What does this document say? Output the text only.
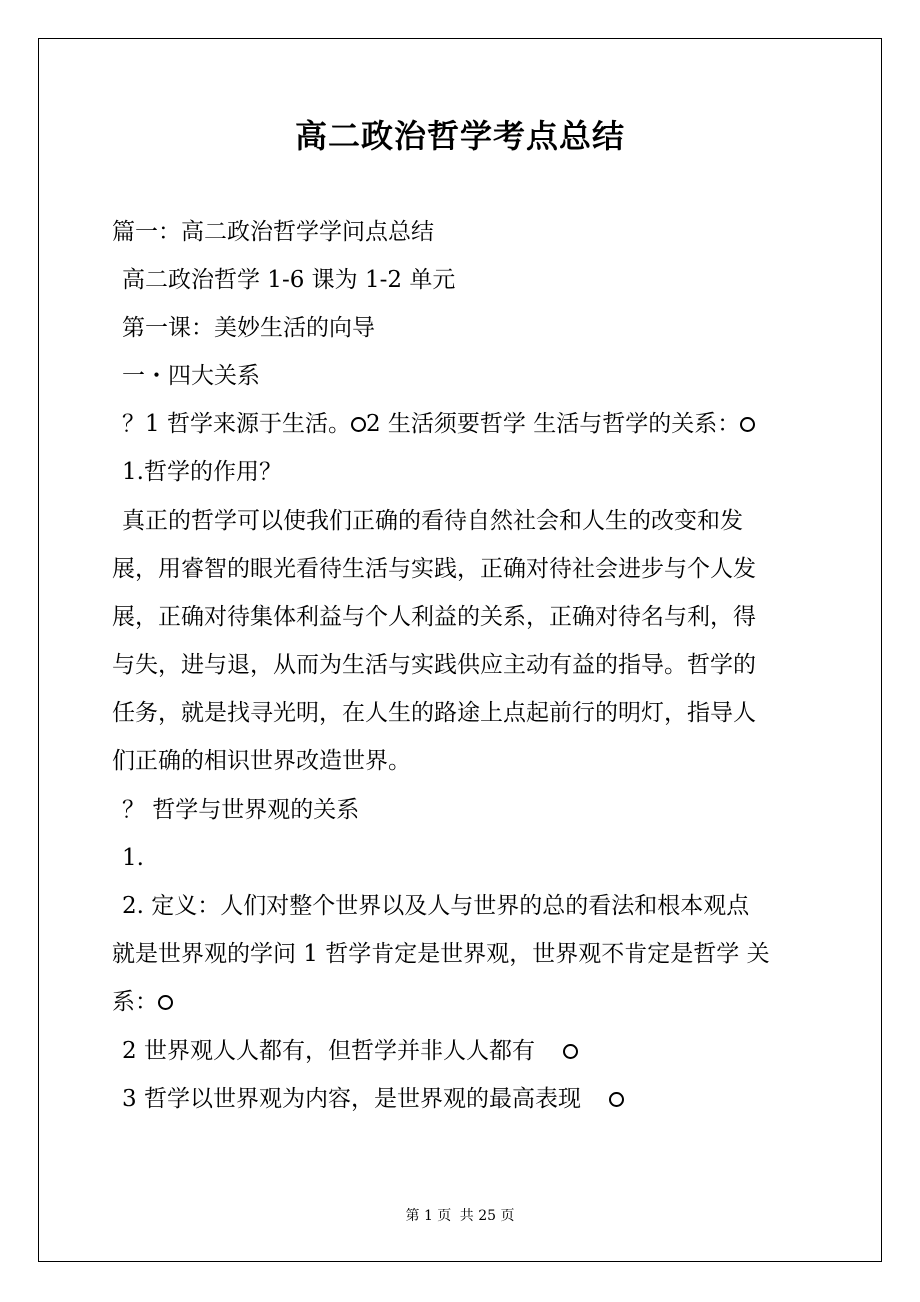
高二政治哲学考点总结
篇一：高二政治哲学学问点总结
高二政治哲学 1-6 课为 1-2 单元
第一课：美妙生活的向导
一・四大关系
？1 哲学来源于生活。 2 生活须要哲学 生活与哲学的关系：
1.哲学的作用？
真正的哲学可以使我们正确的看待自然社会和人生的改变和发
展，用睿智的眼光看待生活与实践，正确对待社会进步与个人发
展，正确对待集体利益与个人利益的关系，正确对待名与利，得
与失，进与退，从而为生活与实践供应主动有益的指导。哲学的
任务，就是找寻光明，在人生的路途上点起前行的明灯，指导人
们正确的相识世界改造世界。
？ 哲学与世界观的关系
1.
2. 定义：人们对整个世界以及人与世界的总的看法和根本观点
就是世界观的学问 1 哲学肯定是世界观，世界观不肯定是哲学 关
系：
2 世界观人人都有，但哲学并非人人都有
3 哲学以世界观为内容，是世界观的最高表现
第 1 页 共 25 页
